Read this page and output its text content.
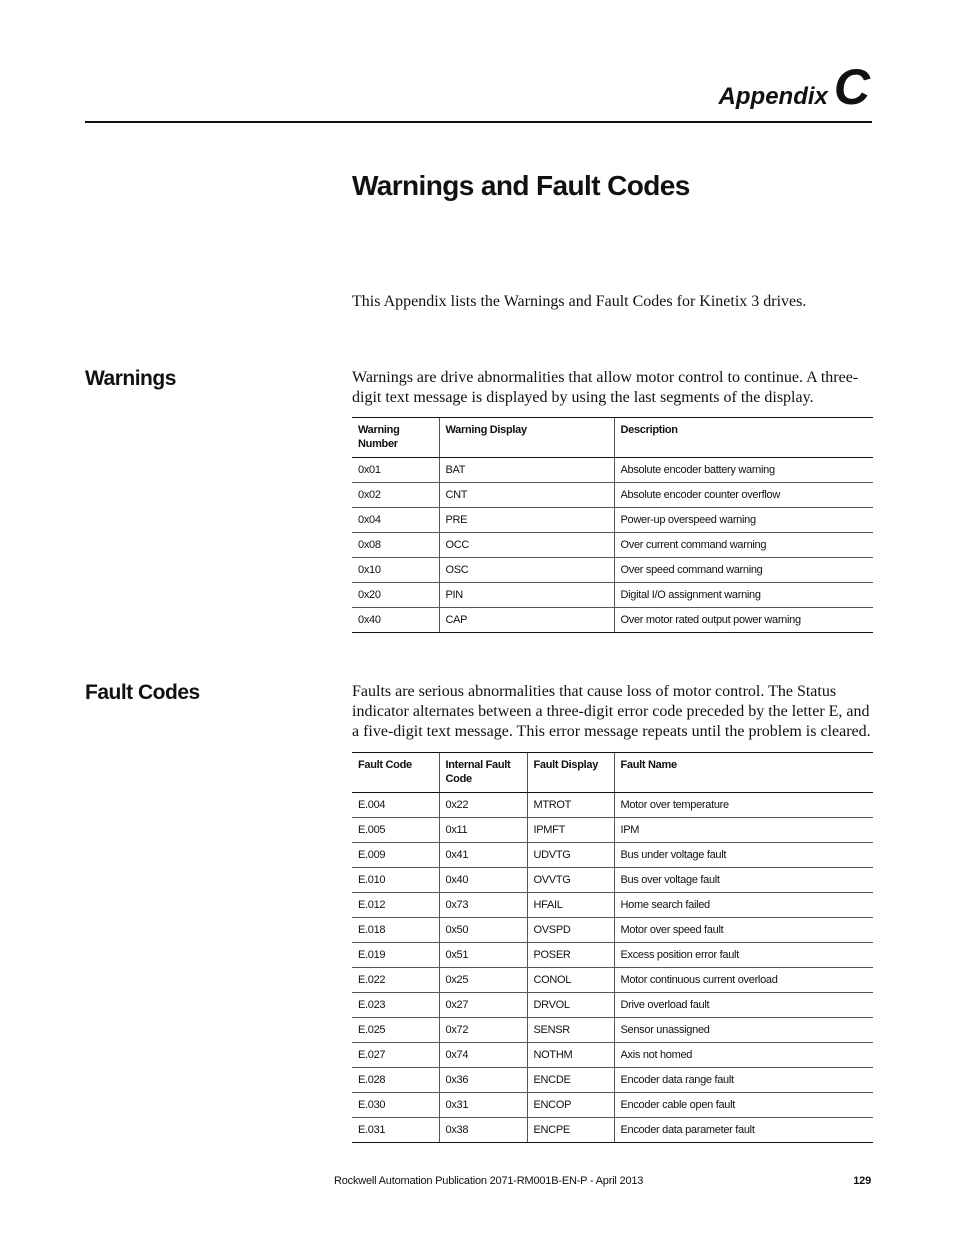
Appendix C
Warnings and Fault Codes

This Appendix lists the Warnings and Fault Codes for Kinetix 3 drives.

Warnings	Warnings are drive abnormalities that allow motor control to continue. A three-digit text message is displayed by using the last segments of the display.

Warning Number	Warning Display	Description
0x01	BAT	Absolute encoder battery warning
0x02	CNT	Absolute encoder counter overflow
0x04	PRE	Power-up overspeed warning
0x08	OCC	Over current command warning
0x10	OSC	Over speed command warning
0x20	PIN	Digital I/O assignment warning
0x40	CAP	Over motor rated output power warning
Fault Codes	Faults are serious abnormalities that cause loss of motor control. The Status indicator alternates between a three-digit error code preceded by the letter E, and a five-digit text message. This error message repeats until the problem is cleared.

Fault Code	Internal Fault Code	Fault Display	Fault Name
E.004	0x22	MTROT	Motor over temperature
E.005	0x11	IPMFT	IPM
E.009	0x41	UDVTG	Bus under voltage fault
E.010	0x40	OVVTG	Bus over voltage fault
E.012	0x73	HFAIL	Home search failed
E.018	0x50	OVSPD	Motor over speed fault
E.019	0x51	POSER	Excess position error fault
E.022	0x25	CONOL	Motor continuous current overload
E.023	0x27	DRVOL	Drive overload fault
E.025	0x72	SENSR	Sensor unassigned
E.027	0x74	NOTHM	Axis not homed
E.028	0x36	ENCDE	Encoder data range fault
E.030	0x31	ENCOP	Encoder cable open fault
E.031	0x38	ENCPE	Encoder data parameter fault
Rockwell Automation Publication 2071-RM001B-EN-P - April 2013	129
